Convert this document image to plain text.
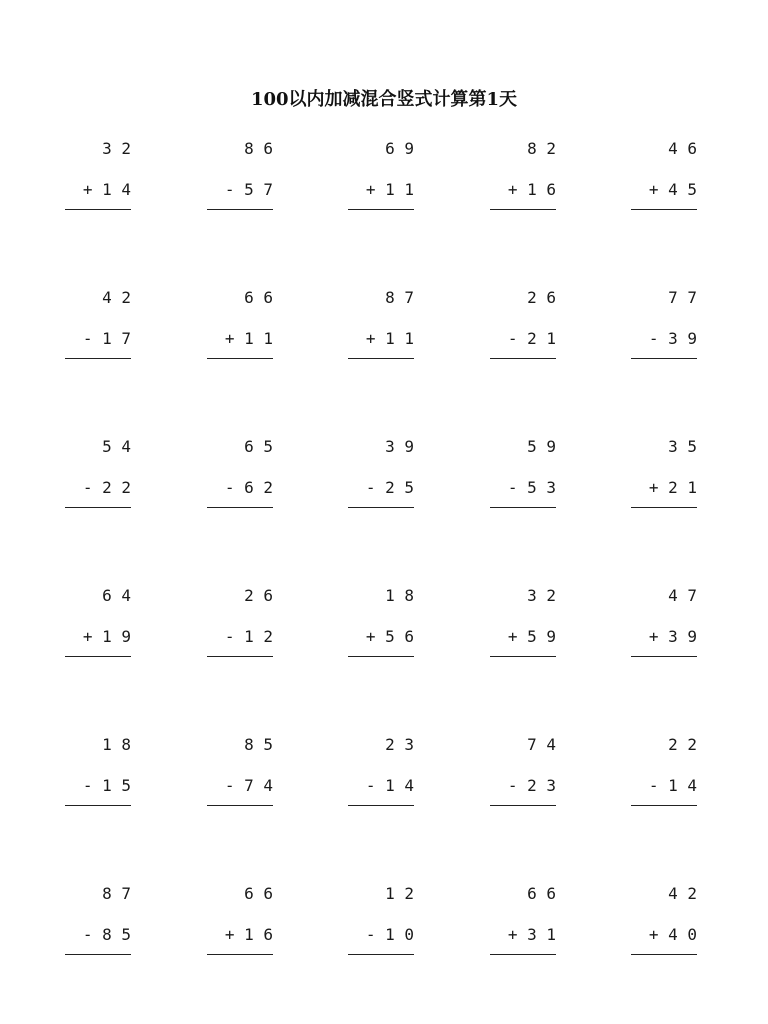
100以内加减混合竖式计算第1天
3 2
+ 1 4
8 6
- 5 7
6 9
+ 1 1
8 2
+ 1 6
4 6
+ 4 5
4 2
- 1 7
6 6
+ 1 1
8 7
+ 1 1
2 6
- 2 1
7 7
- 3 9
5 4
- 2 2
6 5
- 6 2
3 9
- 2 5
5 9
- 5 3
3 5
+ 2 1
6 4
+ 1 9
2 6
- 1 2
1 8
+ 5 6
3 2
+ 5 9
4 7
+ 3 9
1 8
- 1 5
8 5
- 7 4
2 3
- 1 4
7 4
- 2 3
2 2
- 1 4
8 7
- 8 5
6 6
+ 1 6
1 2
- 1 0
6 6
+ 3 1
4 2
+ 4 0
